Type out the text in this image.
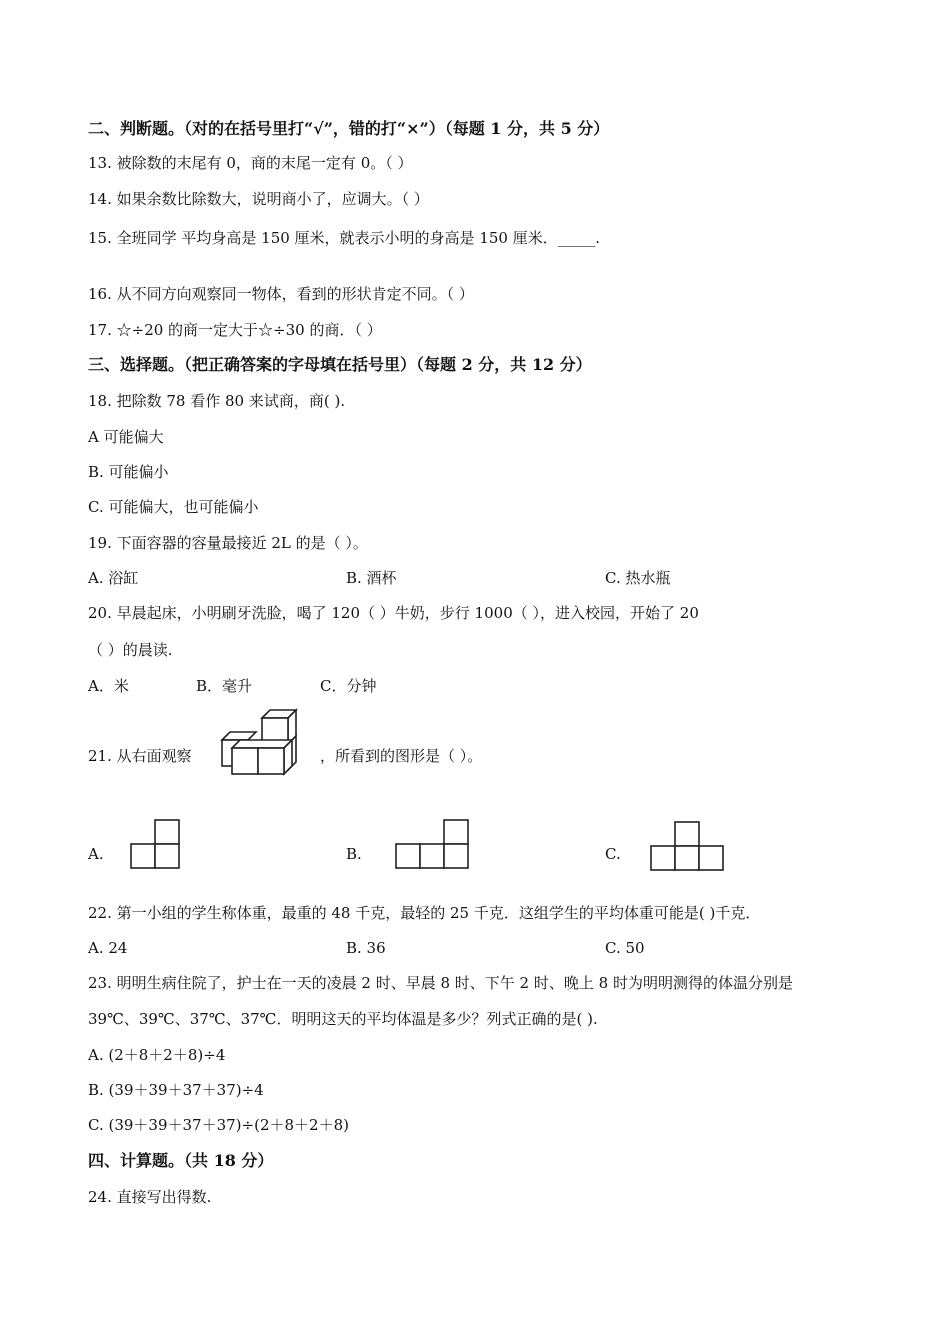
二、判断题。（对的在括号里打“√”，错的打“×”）（每题 1 分，共 5 分）
13. 被除数的末尾有 0，商的末尾一定有 0。（ ）
14. 如果余数比除数大，说明商小了，应调大。（ ）
15. 全班同学 平均身高是 150 厘米，就表示小明的身高是 150 厘米．_____.
16. 从不同方向观察同一物体，看到的形状肯定不同。（ ）
17. ☆÷20 的商一定大于☆÷30 的商．（ ）
三、选择题。（把正确答案的字母填在括号里）（每题 2 分，共 12 分）
18. 把除数 78 看作 80 来试商，商( ).
A 可能偏大
B. 可能偏小
C. 可能偏大，也可能偏小
19. 下面容器的容量最接近 2L 的是（ ）。
A. 浴缸	B. 酒杯	C. 热水瓶
20. 早晨起床，小明刷牙洗脸，喝了 120（ ）牛奶，步行 1000（ ），进入校园，开始了 20
（ ）的晨读.
A．米	B．毫升	C．分钟
21. 从右面观察	，所看到的图形是（ ）。
A.	B.	C.
22. 第一小组的学生称体重，最重的 48 千克，最轻的 25 千克．这组学生的平均体重可能是( )千克．
A. 24	B. 36	C. 50
23. 明明生病住院了，护士在一天的凌晨 2 时、早晨 8 时、下午 2 时、晚上 8 时为明明测得的体温分别是
39℃、39℃、37℃、37℃．明明这天的平均体温是多少？列式正确的是( ).
A. (2＋8＋2＋8)÷4
B. (39＋39＋37＋37)÷4
C. (39＋39＋37＋37)÷(2＋8＋2＋8)
四、计算题。（共 18 分）
24. 直接写出得数.
